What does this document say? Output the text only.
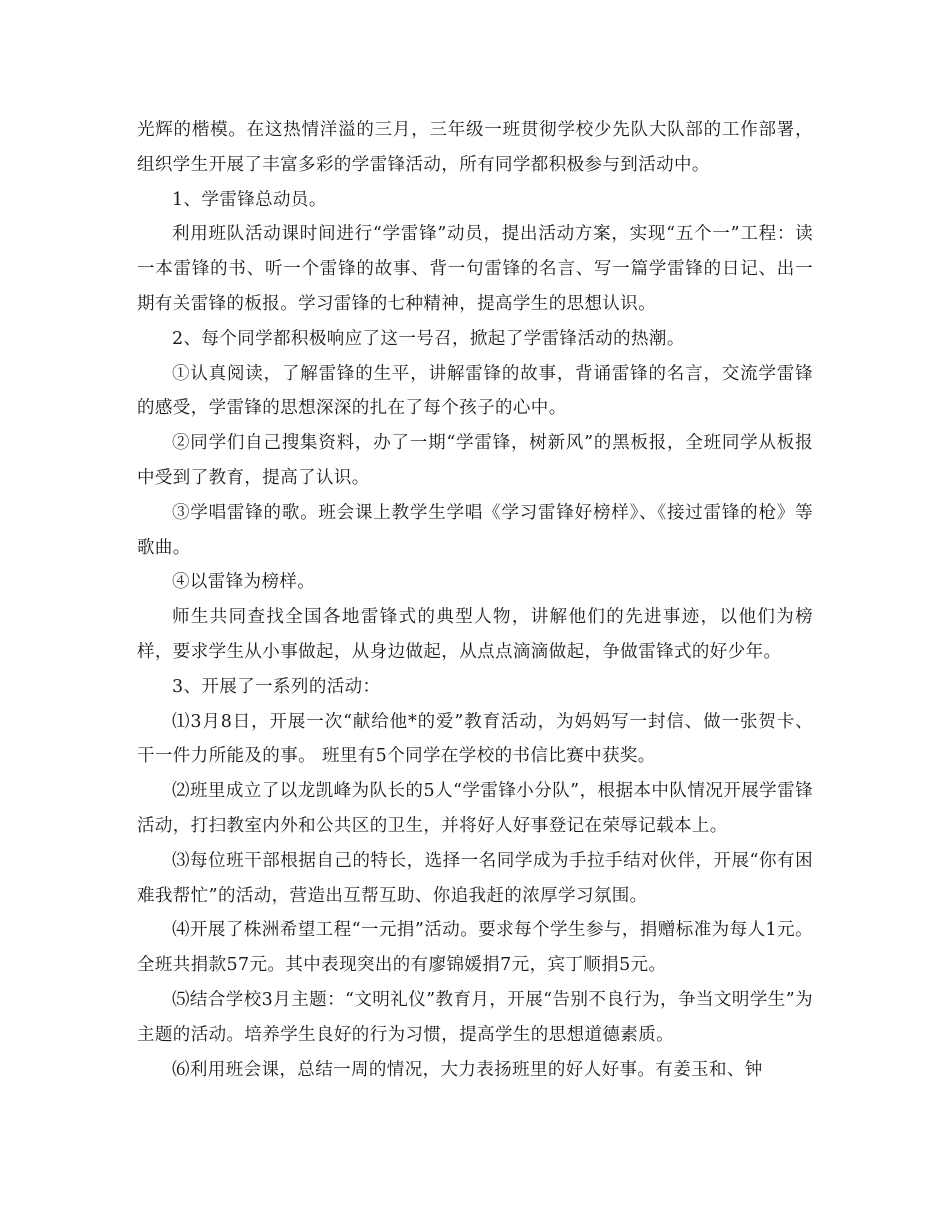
光辉的楷模。在这热情洋溢的三月，三年级一班贯彻学校少先队大队部的工作部署，组织学生开展了丰富多彩的学雷锋活动，所有同学都积极参与到活动中。

1、学雷锋总动员。

利用班队活动课时间进行“学雷锋”动员，提出活动方案，实现“五个一”工程：读一本雷锋的书、听一个雷锋的故事、背一句雷锋的名言、写一篇学雷锋的日记、出一期有关雷锋的板报。学习雷锋的七种精神，提高学生的思想认识。

2、每个同学都积极响应了这一号召，掀起了学雷锋活动的热潮。

①认真阅读，了解雷锋的生平，讲解雷锋的故事，背诵雷锋的名言，交流学雷锋的感受，学雷锋的思想深深的扎在了每个孩子的心中。

②同学们自己搜集资料，办了一期“学雷锋，树新风”的黑板报，全班同学从板报中受到了教育，提高了认识。

③学唱雷锋的歌。班会课上教学生学唱《学习雷锋好榜样》、《接过雷锋的枪》等歌曲。

④以雷锋为榜样。

师生共同查找全国各地雷锋式的典型人物，讲解他们的先进事迹，以他们为榜样，要求学生从小事做起，从身边做起，从点点滴滴做起，争做雷锋式的好少年。

3、开展了一系列的活动：

⑴3月8日，开展一次“献给他*的爱”教育活动，为妈妈写一封信、做一张贺卡、干一件力所能及的事。 班里有5个同学在学校的书信比赛中获奖。

⑵班里成立了以龙凯峰为队长的5人“学雷锋小分队”，根据本中队情况开展学雷锋活动，打扫教室内外和公共区的卫生，并将好人好事登记在荣辱记载本上。

⑶每位班干部根据自己的特长，选择一名同学成为手拉手结对伙伴，开展“你有困难我帮忙”的活动，营造出互帮互助、你追我赶的浓厚学习氛围。

⑷开展了株洲希望工程“一元捐”活动。要求每个学生参与，捐赠标准为每人1元。全班共捐款57元。其中表现突出的有廖锦媛捐7元，宾丁顺捐5元。

⑸结合学校3月主题：“文明礼仪”教育月，开展“告别不良行为，争当文明学生”为主题的活动。培养学生良好的行为习惯，提高学生的思想道德素质。

⑹利用班会课，总结一周的情况，大力表扬班里的好人好事。有姜玉和、钟
